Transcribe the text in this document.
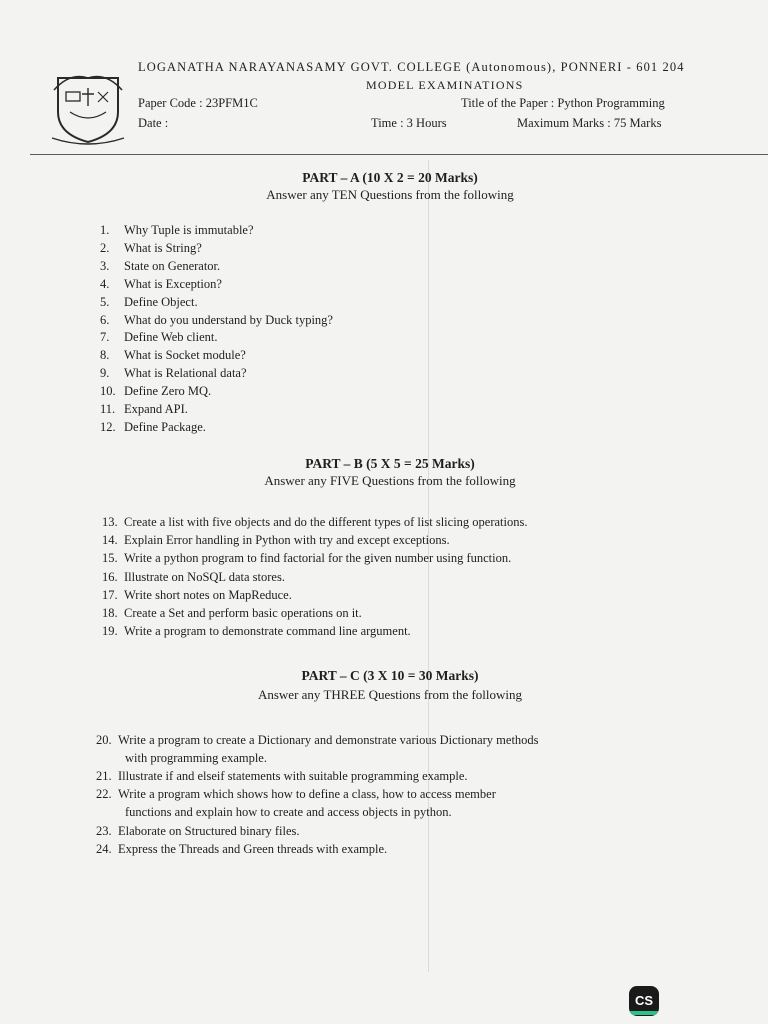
LOGANATHA NARAYANASAMY GOVT. COLLEGE (Autonomous), PONNERI - 601 204
MODEL EXAMINATIONS
Paper Code : 23PFM1C	Title of the Paper : Python Programming
Date :	Time : 3 Hours	Maximum Marks : 75 Marks
PART – A (10 X 2 = 20 Marks)
Answer any TEN Questions from the following
1. Why Tuple is immutable?
2. What is String?
3. State on Generator.
4. What is Exception?
5. Define Object.
6. What do you understand by Duck typing?
7. Define Web client.
8. What is Socket module?
9. What is Relational data?
10. Define Zero MQ.
11. Expand API.
12. Define Package.
PART – B (5 X 5 = 25 Marks)
Answer any FIVE Questions from the following
13. Create a list with five objects and do the different types of list slicing operations.
14. Explain Error handling in Python with try and except exceptions.
15. Write a python program to find factorial for the given number using function.
16. Illustrate on NoSQL data stores.
17. Write short notes on MapReduce.
18. Create a Set and perform basic operations on it.
19. Write a program to demonstrate command line argument.
PART – C (3 X 10 = 30 Marks)
Answer any THREE Questions from the following
20. Write a program to create a Dictionary and demonstrate various Dictionary methods
with programming example.
21. Illustrate if and elseif statements with suitable programming example.
22. Write a program which shows how to define a class, how to access member
functions and explain how to create and access objects in python.
23. Elaborate on Structured binary files.
24. Express the Threads and Green threads with example.
CS
